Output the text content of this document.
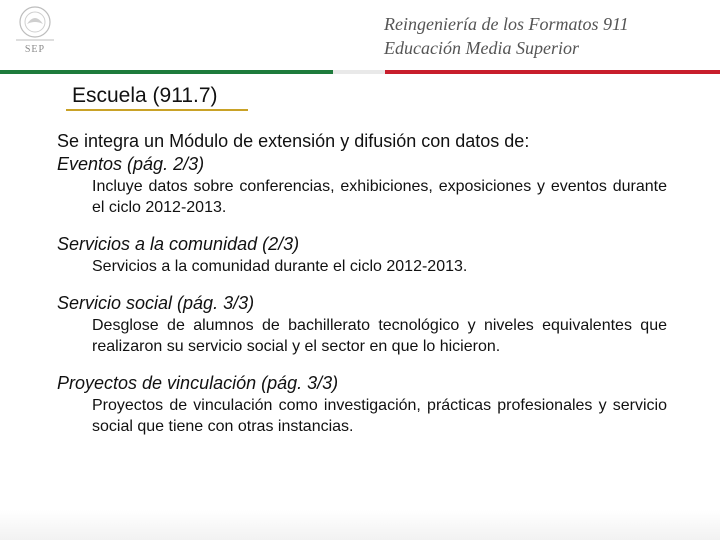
SEP
Reingeniería de los Formatos 911
Educación Media Superior
Escuela (911.7)

Se integra un Módulo de extensión y difusión con datos de:

Eventos (pág. 2/3)

Incluye datos sobre conferencias, exhibiciones, exposiciones y eventos durante el ciclo 2012-2013.

Servicios a la comunidad (2/3)

Servicios a la comunidad durante el ciclo 2012-2013.

Servicio social (pág. 3/3)

Desglose de alumnos de bachillerato tecnológico y niveles equivalentes que realizaron su servicio social y el sector en que lo hicieron.

Proyectos de vinculación (pág. 3/3)

Proyectos de vinculación como investigación, prácticas profesionales y servicio social que tiene con otras instancias.
